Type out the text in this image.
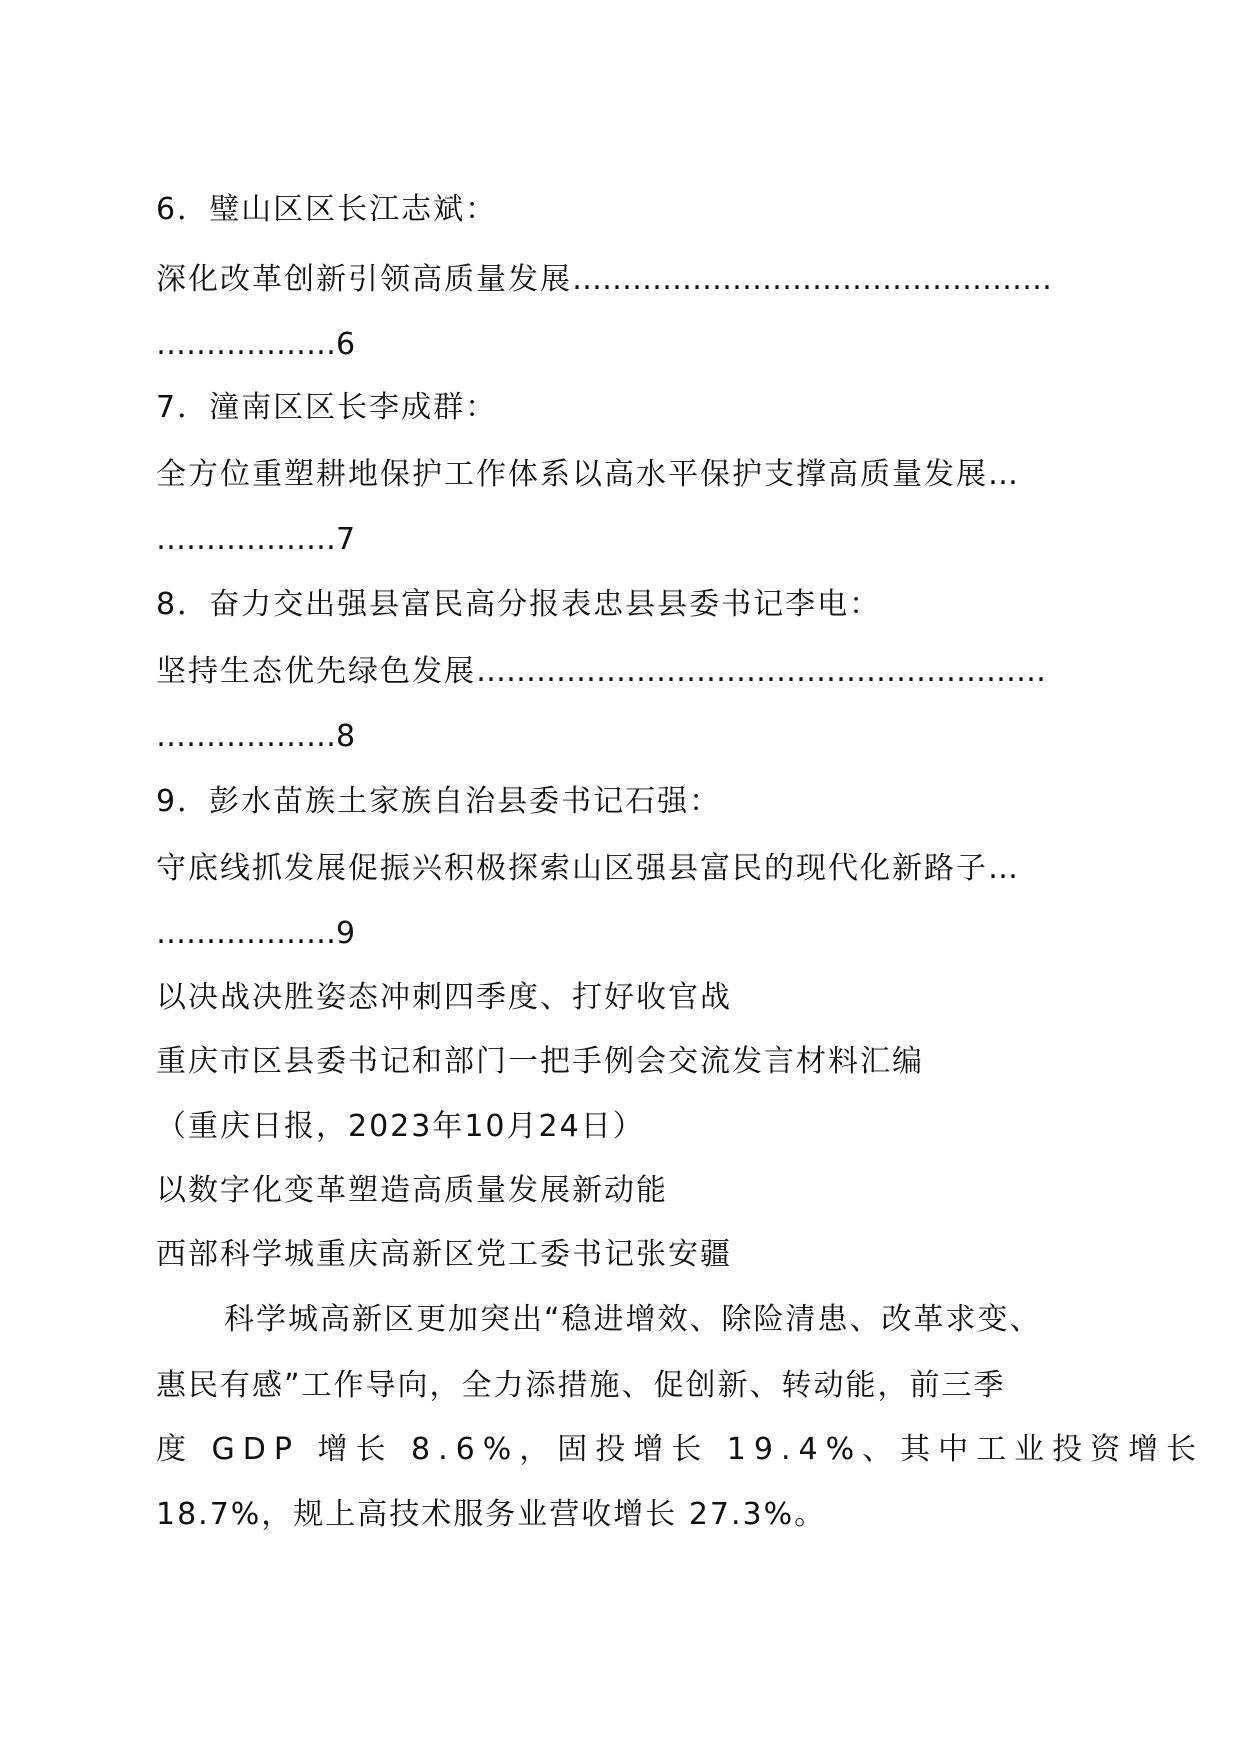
6．璧山区区长江志斌：
深化改革创新引领高质量发展…………………………………………
………………6
7．潼南区区长李成群：
全方位重塑耕地保护工作体系以高水平保护支撑高质量发展…
………………7
8．奋力交出强县富民高分报表忠县县委书记李电：
坚持生态优先绿色发展…………………………………………………
………………8
9．彭水苗族土家族自治县委书记石强：
守底线抓发展促振兴积极探索山区强县富民的现代化新路子…
………………9
以决战决胜姿态冲刺四季度、打好收官战
重庆市区县委书记和部门一把手例会交流发言材料汇编
（重庆日报，2023年10月24日）
以数字化变革塑造高质量发展新动能
西部科学城重庆高新区党工委书记张安疆
科学城高新区更加突出“稳进增效、除险清患、改革求变、
惠民有感”工作导向，全力添措施、促创新、转动能，前三季
度 GDP 增长 8.6%，固投增长 19.4%、其中工业投资增长
18.7%，规上高技术服务业营收增长 27.3%。
